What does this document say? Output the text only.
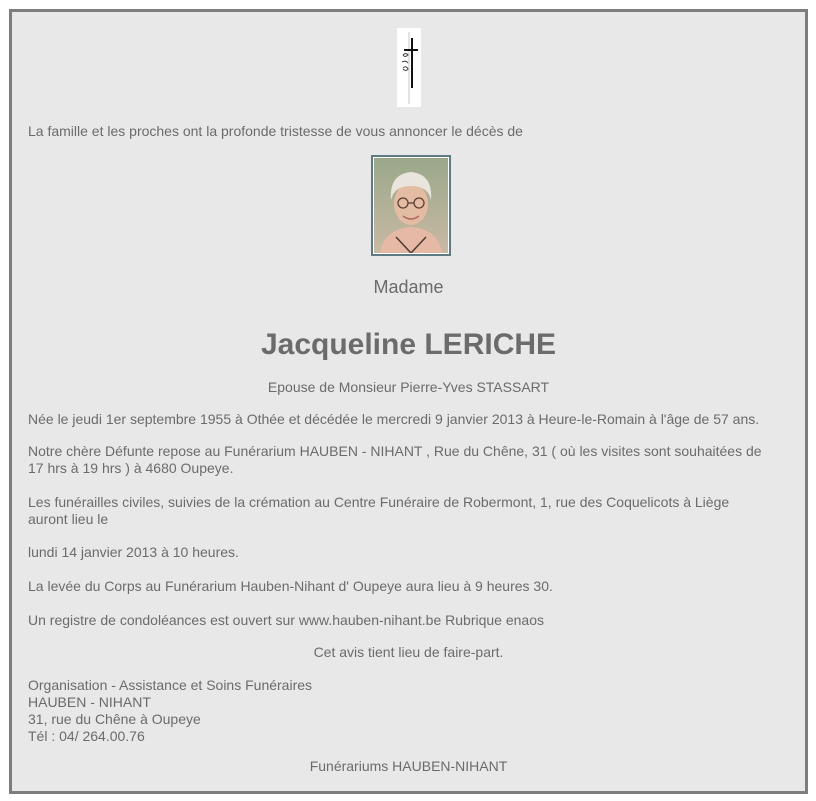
La famille et les proches ont la profonde tristesse de vous annoncer le décès de

Madame

Jacqueline LERICHE

Epouse de Monsieur Pierre-Yves STASSART

Née le jeudi 1er septembre 1955 à Othée et décédée le mercredi 9 janvier 2013 à Heure-le-Romain à l'âge de 57 ans.

Notre chère Défunte repose au Funérarium HAUBEN - NIHANT , Rue du Chêne, 31 ( où les visites sont souhaitées de

17 hrs à 19 hrs ) à 4680 Oupeye.

Les funérailles civiles, suivies de la crémation au Centre Funéraire de Robermont, 1, rue des Coquelicots à Liège

auront lieu le

lundi 14 janvier 2013 à 10 heures.

La levée du Corps au Funérarium Hauben-Nihant d' Oupeye aura lieu à 9 heures 30.

Un registre de condoléances est ouvert sur www.hauben-nihant.be Rubrique enaos

Cet avis tient lieu de faire-part.

Organisation - Assistance et Soins Funéraires

HAUBEN - NIHANT

31, rue du Chêne à Oupeye

Tél : 04/ 264.00.76

Funérariums HAUBEN-NIHANT
